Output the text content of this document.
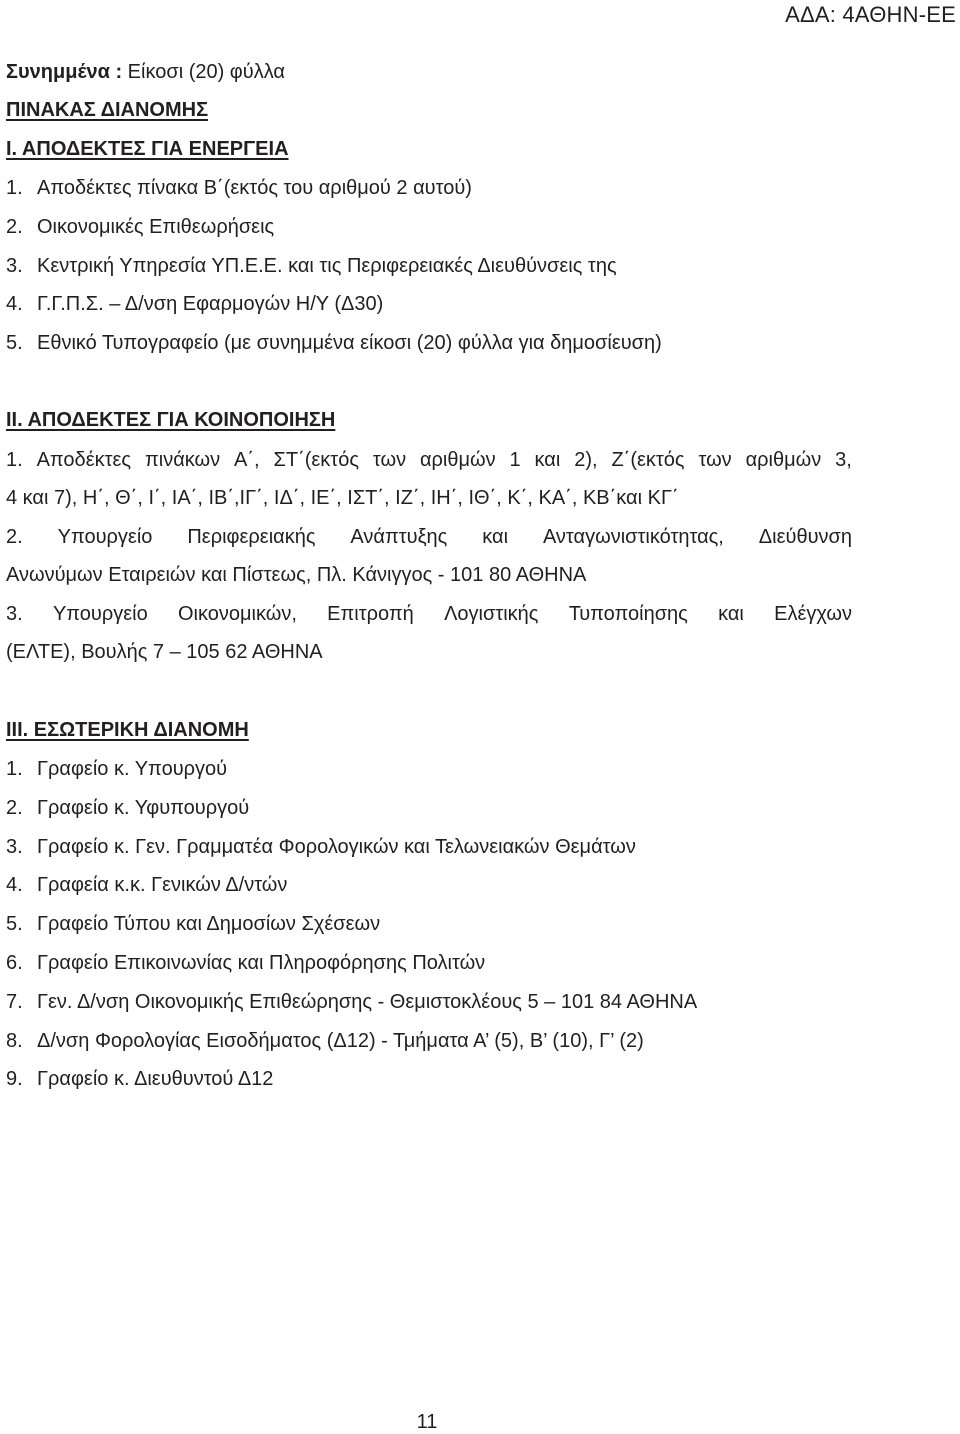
ΑΔΑ: 4ΑΘΗΝ-ΕΕ
Συνημμένα : Είκοσι (20) φύλλα
ΠΙΝΑΚΑΣ ΔΙΑΝΟΜΗΣ
Ι. ΑΠΟΔΕΚΤΕΣ ΓΙΑ ΕΝΕΡΓΕΙΑ
1. Αποδέκτες πίνακα Β΄(εκτός του αριθμού 2 αυτού)
2. Οικονομικές Επιθεωρήσεις
3. Κεντρική Υπηρεσία ΥΠ.Ε.Ε. και τις Περιφερειακές Διευθύνσεις της
4. Γ.Γ.Π.Σ. – Δ/νση Εφαρμογών Η/Υ (Δ30)
5. Εθνικό Τυπογραφείο (με συνημμένα είκοσι (20) φύλλα για δημοσίευση)
ΙΙ. ΑΠΟΔΕΚΤΕΣ ΓΙΑ ΚΟΙΝΟΠΟΙΗΣΗ
1. Αποδέκτες πινάκων Α΄, ΣΤ΄(εκτός των αριθμών 1 και 2), Ζ΄(εκτός των αριθμών 3,
4 και 7), Η΄, Θ΄, Ι΄, ΙΑ΄, ΙΒ΄,ΙΓ΄, ΙΔ΄, ΙΕ΄, ΙΣΤ΄, ΙΖ΄, ΙΗ΄, ΙΘ΄, Κ΄, ΚΑ΄, ΚΒ΄και ΚΓ΄
2. Υπουργείο Περιφερειακής Ανάπτυξης και Ανταγωνιστικότητας, Διεύθυνση
Ανωνύμων Εταιρειών και Πίστεως, Πλ. Κάνιγγος - 101 80 ΑΘΗΝΑ
3. Υπουργείο Οικονομικών, Επιτροπή Λογιστικής Τυποποίησης και Ελέγχων
(ΕΛΤΕ), Βουλής 7 – 105 62 ΑΘΗΝΑ
ΙΙΙ. ΕΣΩΤΕΡΙΚΗ ΔΙΑΝΟΜΗ
1. Γραφείο κ. Υπουργού
2. Γραφείο κ. Υφυπουργού
3. Γραφείο κ. Γεν. Γραμματέα Φορολογικών και Τελωνειακών Θεμάτων
4. Γραφεία κ.κ. Γενικών Δ/ντών
5. Γραφείο Τύπου και Δημοσίων Σχέσεων
6. Γραφείο Επικοινωνίας και Πληροφόρησης Πολιτών
7. Γεν. Δ/νση Οικονομικής Επιθεώρησης - Θεμιστοκλέους 5 – 101 84 ΑΘΗΝΑ
8. Δ/νση Φορολογίας Εισοδήματος (Δ12) - Τμήματα Α’ (5), Β’ (10), Γ’ (2)
9. Γραφείο κ. Διευθυντού Δ12
11
